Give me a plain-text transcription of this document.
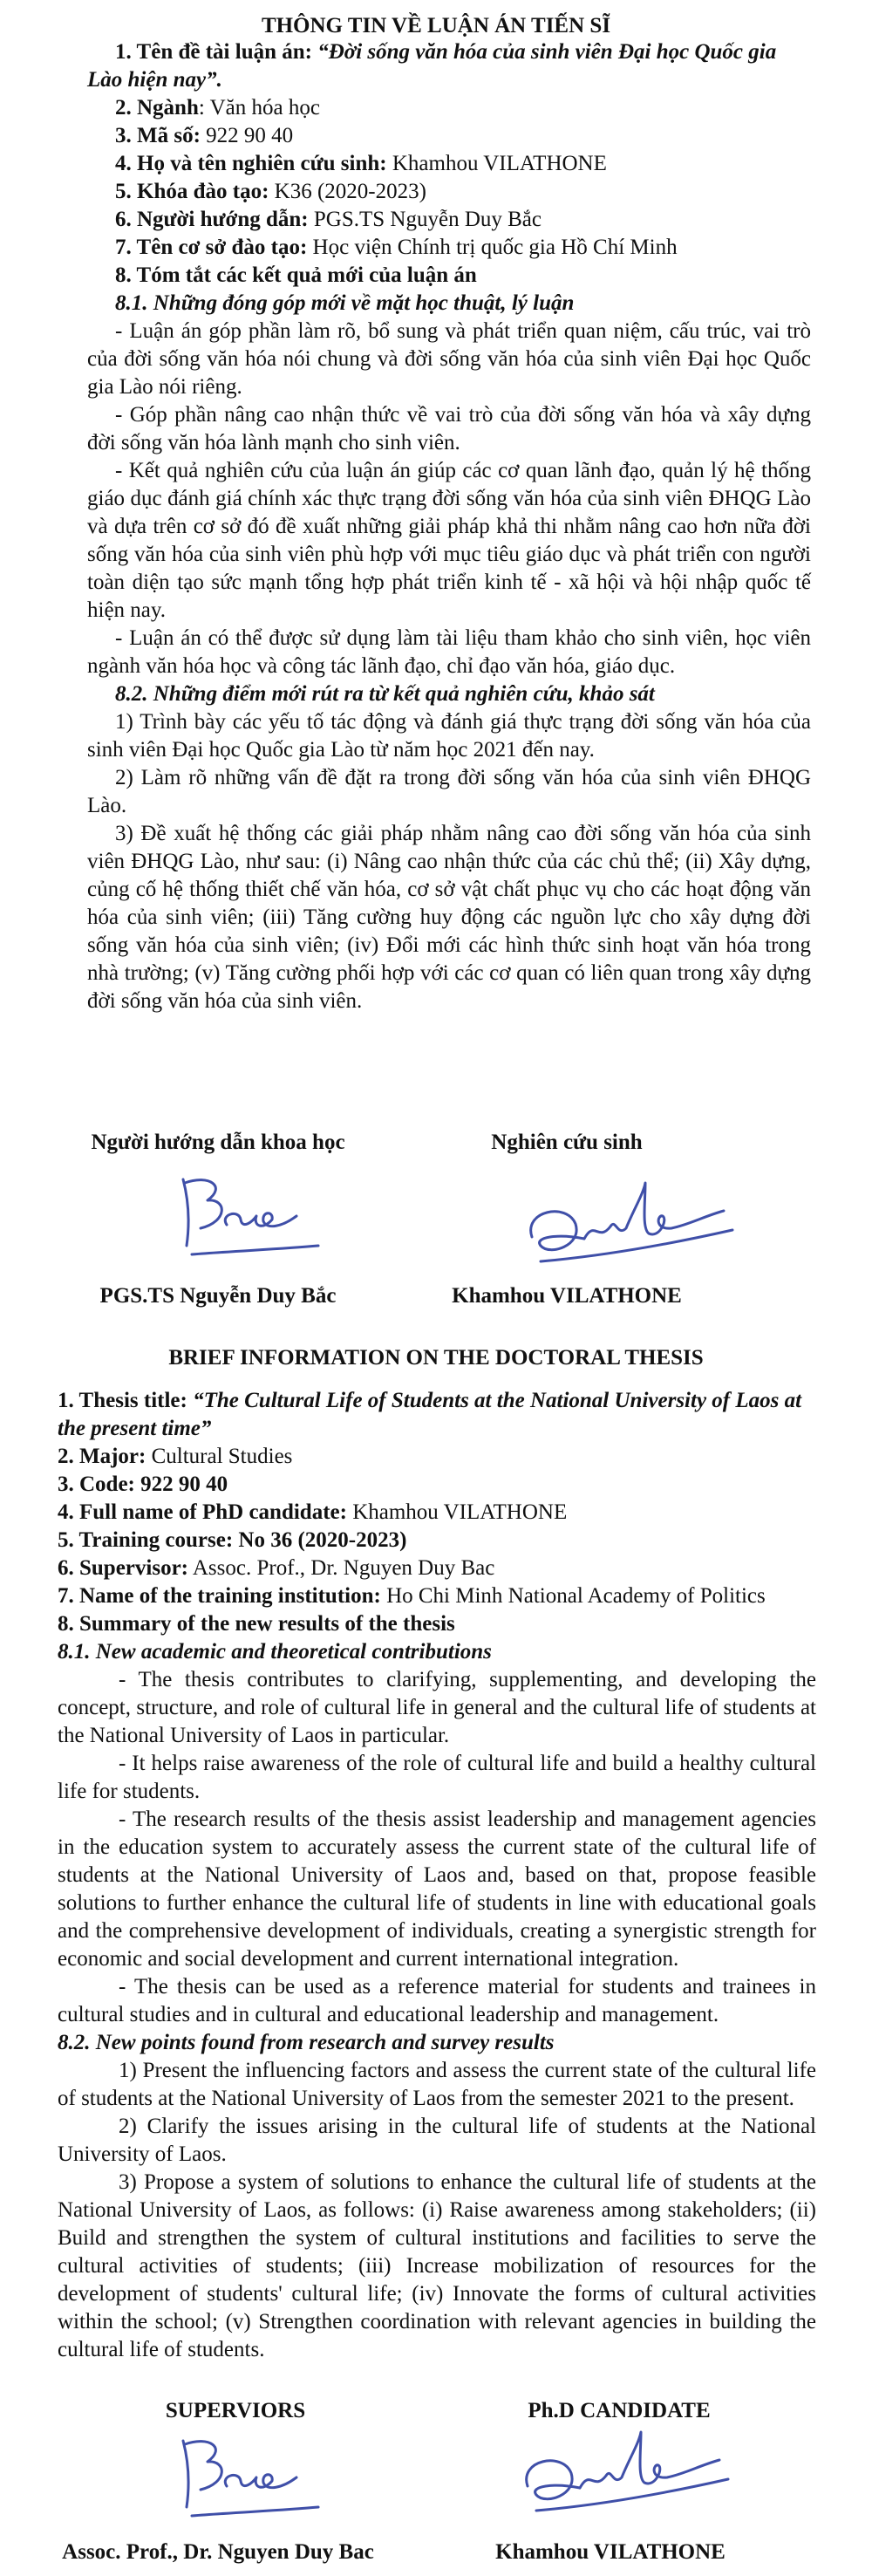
THÔNG TIN VỀ LUẬN ÁN TIẾN SĨ

1. Tên đề tài luận án: “Đời sống văn hóa của sinh viên Đại học Quốc gia Lào hiện nay”.

2. Ngành: Văn hóa học

3. Mã số: 922 90 40

4. Họ và tên nghiên cứu sinh: Khamhou VILATHONE

5. Khóa đào tạo: K36 (2020-2023)

6. Người hướng dẫn: PGS.TS Nguyễn Duy Bắc

7. Tên cơ sở đào tạo: Học viện Chính trị quốc gia Hồ Chí Minh

8. Tóm tắt các kết quả mới của luận án

8.1. Những đóng góp mới về mặt học thuật, lý luận

- Luận án góp phần làm rõ, bổ sung và phát triển quan niệm, cấu trúc, vai trò của đời sống văn hóa nói chung và đời sống văn hóa của sinh viên Đại học Quốc gia Lào nói riêng.

- Góp phần nâng cao nhận thức về vai trò của đời sống văn hóa và xây dựng đời sống văn hóa lành mạnh cho sinh viên.

- Kết quả nghiên cứu của luận án giúp các cơ quan lãnh đạo, quản lý hệ thống giáo dục đánh giá chính xác thực trạng đời sống văn hóa của sinh viên ĐHQG Lào và dựa trên cơ sở đó đề xuất những giải pháp khả thi nhằm nâng cao hơn nữa đời sống văn hóa của sinh viên phù hợp với mục tiêu giáo dục và phát triển con người toàn diện tạo sức mạnh tổng hợp phát triển kinh tế - xã hội và hội nhập quốc tế hiện nay.

- Luận án có thể được sử dụng làm tài liệu tham khảo cho sinh viên, học viên ngành văn hóa học và công tác lãnh đạo, chỉ đạo văn hóa, giáo dục.

8.2. Những điểm mới rút ra từ kết quả nghiên cứu, khảo sát

1) Trình bày các yếu tố tác động và đánh giá thực trạng đời sống văn hóa của sinh viên Đại học Quốc gia Lào từ năm học 2021 đến nay.

2) Làm rõ những vấn đề đặt ra trong đời sống văn hóa của sinh viên ĐHQG Lào.

3) Đề xuất hệ thống các giải pháp nhằm nâng cao đời sống văn hóa của sinh viên ĐHQG Lào, như sau: (i) Nâng cao nhận thức của các chủ thể; (ii) Xây dựng, củng cố hệ thống thiết chế văn hóa, cơ sở vật chất phục vụ cho các hoạt động văn hóa của sinh viên; (iii) Tăng cường huy động các nguồn lực cho xây dựng đời sống văn hóa của sinh viên; (iv) Đổi mới các hình thức sinh hoạt văn hóa trong nhà trường; (v) Tăng cường phối hợp với các cơ quan có liên quan trong xây dựng đời sống văn hóa của sinh viên.

Người hướng dẫn khoa học	Nghiên cứu sinh
PGS.TS Nguyễn Duy Bắc	Khamhou VILATHONE
BRIEF INFORMATION ON THE DOCTORAL THESIS

1. Thesis title: “The Cultural Life of Students at the National University of Laos at the present time”

2. Major: Cultural Studies

3. Code: 922 90 40

4. Full name of PhD candidate: Khamhou VILATHONE

5. Training course: No 36 (2020-2023)

6. Supervisor: Assoc. Prof., Dr. Nguyen Duy Bac

7. Name of the training institution: Ho Chi Minh National Academy of Politics

8. Summary of the new results of the thesis

8.1. New academic and theoretical contributions

- The thesis contributes to clarifying, supplementing, and developing the concept, structure, and role of cultural life in general and the cultural life of students at the National University of Laos in particular.

- It helps raise awareness of the role of cultural life and build a healthy cultural life for students.

- The research results of the thesis assist leadership and management agencies in the education system to accurately assess the current state of the cultural life of students at the National University of Laos and, based on that, propose feasible solutions to further enhance the cultural life of students in line with educational goals and the comprehensive development of individuals, creating a synergistic strength for economic and social development and current international integration.

- The thesis can be used as a reference material for students and trainees in cultural studies and in cultural and educational leadership and management.

8.2. New points found from research and survey results

1) Present the influencing factors and assess the current state of the cultural life of students at the National University of Laos from the semester 2021 to the present.

2) Clarify the issues arising in the cultural life of students at the National University of Laos.

3) Propose a system of solutions to enhance the cultural life of students at the National University of Laos, as follows: (i) Raise awareness among stakeholders; (ii) Build and strengthen the system of cultural institutions and facilities to serve the cultural activities of students; (iii) Increase mobilization of resources for the development of students' cultural life; (iv) Innovate the forms of cultural activities within the school; (v) Strengthen coordination with relevant agencies in building the cultural life of students.

SUPERVIORS	Ph.D CANDIDATE
Assoc. Prof., Dr. Nguyen Duy Bac	Khamhou VILATHONE
